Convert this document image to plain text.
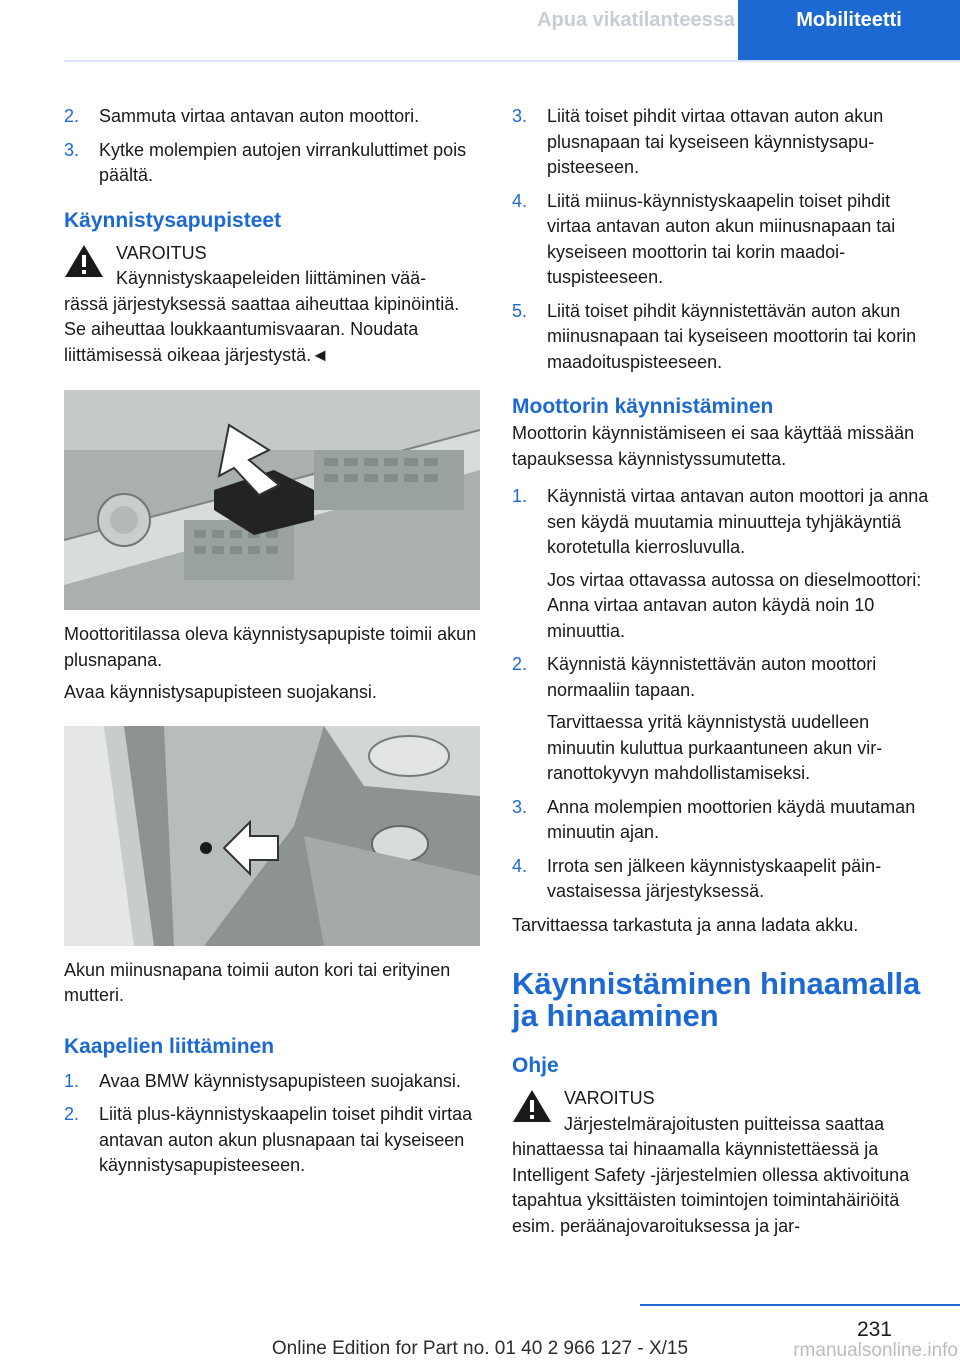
Apua vikatilanteessa	Mobiliteetti
2. Sammuta virtaa antavan auton moottori.
3. Kytke molempien autojen virrankuluttimet pois päältä.
Käynnistysapupisteet
VAROITUS
Käynnistyskaapeleiden liittäminen vää-
rässä järjestyksessä saattaa aiheuttaa kipinöintiä. Se aiheuttaa loukkaantumisvaaran. Noudata liittämisessä oikeaa järjestystä.◄

Moottoritilassa oleva käynnistysapupiste toimii akun plusnapana.

Avaa käynnistysapupisteen suojakansi.

Akun miinusnapana toimii auton kori tai erityinen mutteri.

Kaapelien liittäminen
1. Avaa BMW käynnistysapupisteen suojakansi.
2. Liitä plus-käynnistyskaapelin toiset pihdit virtaa antavan auton akun plusnapaan tai kyseiseen käynnistysapupisteeseen.
3. Liitä toiset pihdit virtaa ottavan auton akun plusnapaan tai kyseiseen käynnistysapupisteeseen.
4. Liitä miinus-käynnistyskaapelin toiset pihdit virtaa antavan auton akun miinusnapaan tai kyseiseen moottorin tai korin maadoituspisteeseen.
5. Liitä toiset pihdit käynnistettävän auton akun miinusnapaan tai kyseiseen moottorin tai korin maadoituspisteeseen.
Moottorin käynnistäminen

Moottorin käynnistämiseen ei saa käyttää missään tapauksessa käynnistyssumutetta.

1. Käynnistä virtaa antavan auton moottori ja anna sen käydä muutamia minuutteja tyhjäkäyntiä korotetulla kierrosluvulla.
Jos virtaa ottavassa autossa on dieselmoottori: Anna virtaa antavan auton käydä noin 10 minuuttia.
2. Käynnistä käynnistettävän auton moottori normaaliin tapaan.
Tarvittaessa yritä käynnistystä uudelleen minuutin kuluttua purkaantuneen akun virranottokyvyn mahdollistamiseksi.
3. Anna molempien moottorien käydä muutaman minuutin ajan.
4. Irrota sen jälkeen käynnistyskaapelit päinvastaisessa järjestyksessä.

Tarvittaessa tarkastuta ja anna ladata akku.

Käynnistäminen hinaamalla ja hinaaminen
Ohje
VAROITUS
Järjestelmärajoitusten puitteissa saattaa
hinattaessa tai hinaamalla käynnistettäessä ja Intelligent Safety -järjestelmien ollessa aktivoituna tapahtua yksittäisten toimintojen toimintahäiriöitä esim. peräänajovaroituksessa ja jar-
231
Online Edition for Part no. 01 40 2 966 127 - X/15	rmanualsonline.info
